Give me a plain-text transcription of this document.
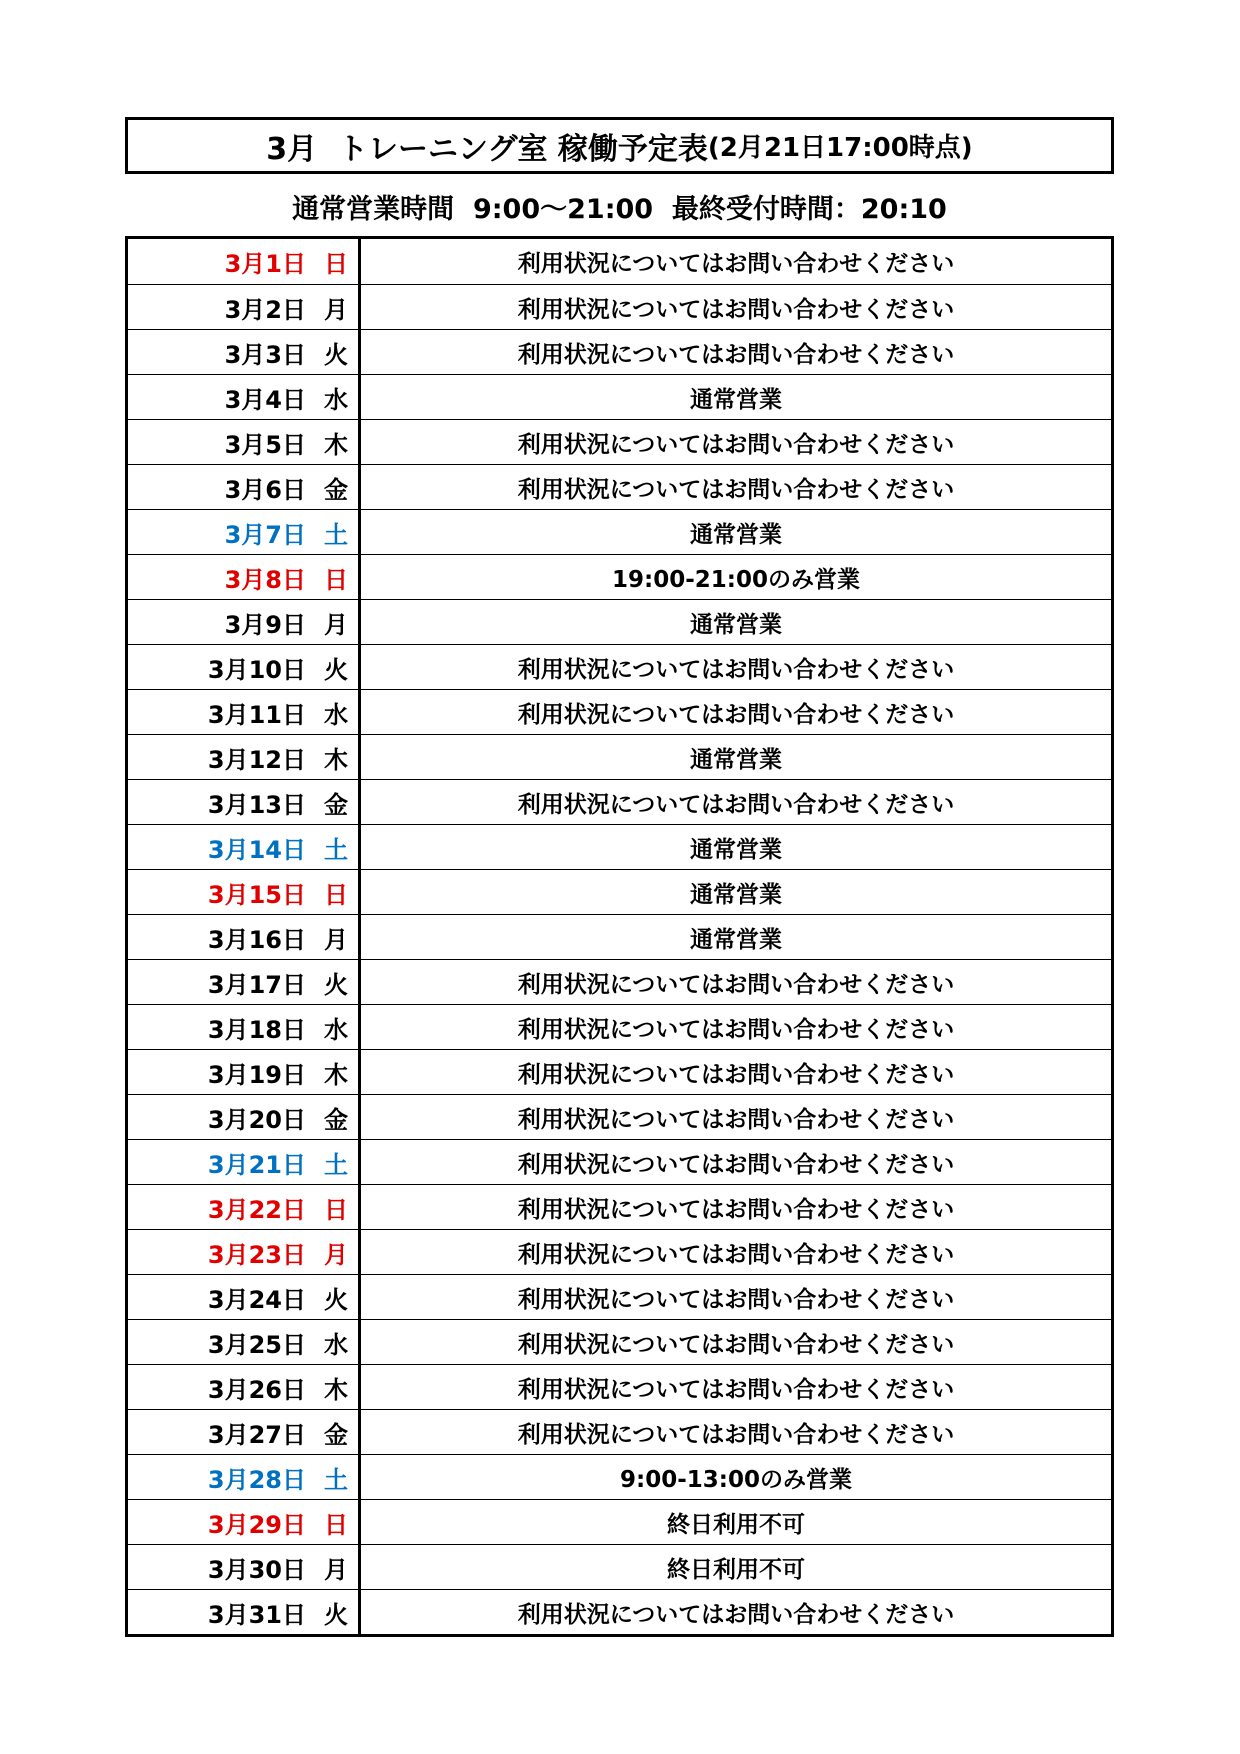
3月  トレーニング室 稼働予定表 (2月21日17:00時点)
通常営業時間  9:00～21:00  最終受付時間：20:10
3月1日 日	利用状況についてはお問い合わせください
3月2日 月	利用状況についてはお問い合わせください
3月3日 火	利用状況についてはお問い合わせください
3月4日 水	通常営業
3月5日 木	利用状況についてはお問い合わせください
3月6日 金	利用状況についてはお問い合わせください
3月7日 土	通常営業
3月8日 日	19:00-21:00のみ営業
3月9日 月	通常営業
3月10日 火	利用状況についてはお問い合わせください
3月11日 水	利用状況についてはお問い合わせください
3月12日 木	通常営業
3月13日 金	利用状況についてはお問い合わせください
3月14日 土	通常営業
3月15日 日	通常営業
3月16日 月	通常営業
3月17日 火	利用状況についてはお問い合わせください
3月18日 水	利用状況についてはお問い合わせください
3月19日 木	利用状況についてはお問い合わせください
3月20日 金	利用状況についてはお問い合わせください
3月21日 土	利用状況についてはお問い合わせください
3月22日 日	利用状況についてはお問い合わせください
3月23日 月	利用状況についてはお問い合わせください
3月24日 火	利用状況についてはお問い合わせください
3月25日 水	利用状況についてはお問い合わせください
3月26日 木	利用状況についてはお問い合わせください
3月27日 金	利用状況についてはお問い合わせください
3月28日 土	9:00-13:00のみ営業
3月29日 日	終日利用不可
3月30日 月	終日利用不可
3月31日 火	利用状況についてはお問い合わせください
